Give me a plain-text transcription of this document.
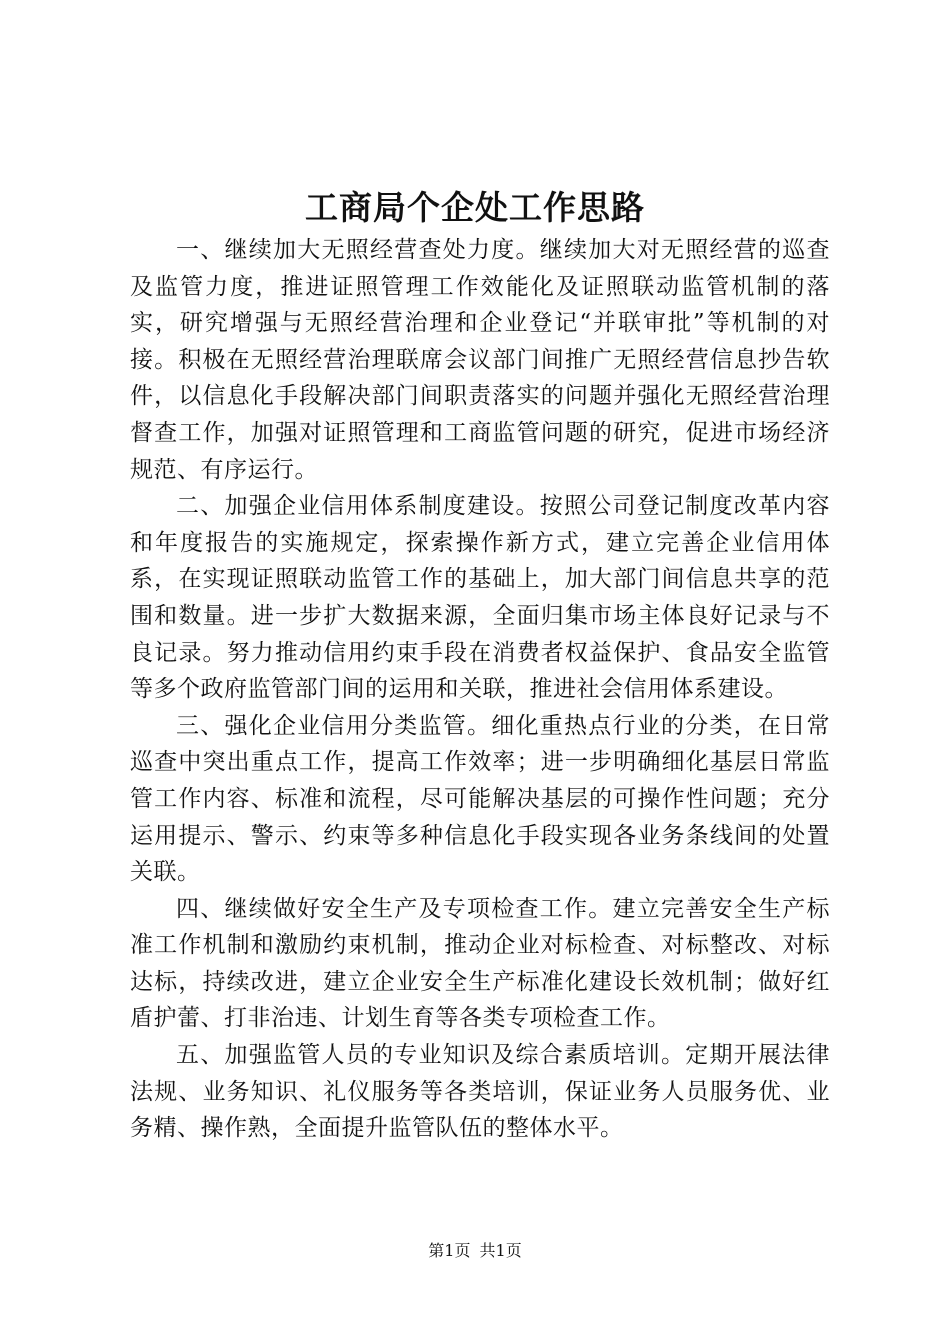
工商局个企处工作思路

一、继续加大无照经营查处力度。继续加大对无照经营的巡查及监管力度，推进证照管理工作效能化及证照联动监管机制的落实，研究增强与无照经营治理和企业登记“并联审批”等机制的对接。积极在无照经营治理联席会议部门间推广无照经营信息抄告软件，以信息化手段解决部门间职责落实的问题并强化无照经营治理督查工作，加强对证照管理和工商监管问题的研究，促进市场经济规范、有序运行。

二、加强企业信用体系制度建设。按照公司登记制度改革内容和年度报告的实施规定，探索操作新方式，建立完善企业信用体系，在实现证照联动监管工作的基础上，加大部门间信息共享的范围和数量。进一步扩大数据来源，全面归集市场主体良好记录与不良记录。努力推动信用约束手段在消费者权益保护、食品安全监管等多个政府监管部门间的运用和关联，推进社会信用体系建设。

三、强化企业信用分类监管。细化重热点行业的分类，在日常巡查中突出重点工作，提高工作效率；进一步明确细化基层日常监管工作内容、标准和流程，尽可能解决基层的可操作性问题；充分运用提示、警示、约束等多种信息化手段实现各业务条线间的处置关联。

四、继续做好安全生产及专项检查工作。建立完善安全生产标准工作机制和激励约束机制，推动企业对标检查、对标整改、对标达标，持续改进，建立企业安全生产标准化建设长效机制；做好红盾护蕾、打非治违、计划生育等各类专项检查工作。

五、加强监管人员的专业知识及综合素质培训。定期开展法律法规、业务知识、礼仪服务等各类培训，保证业务人员服务优、业务精、操作熟，全面提升监管队伍的整体水平。

第1页 共1页
